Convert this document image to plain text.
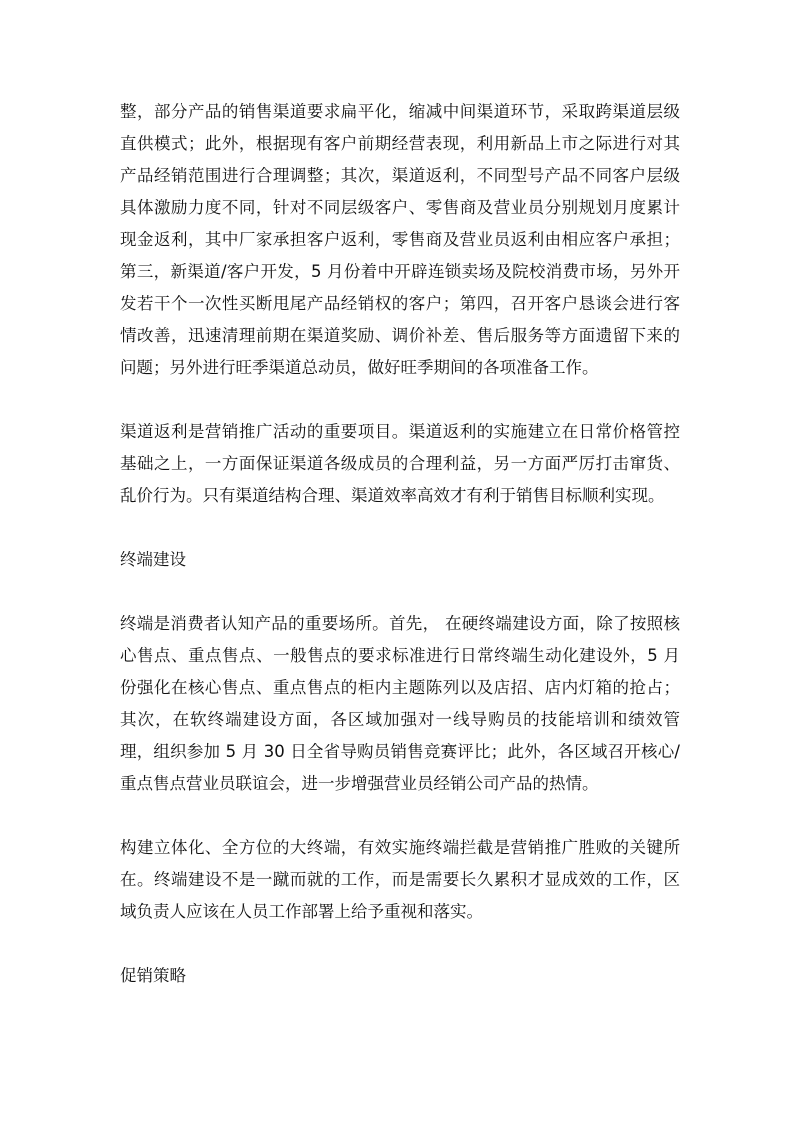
整，部分产品的销售渠道要求扁平化，缩减中间渠道环节，采取跨渠道层级直供模式；此外，根据现有客户前期经营表现，利用新品上市之际进行对其产品经销范围进行合理调整；其次，渠道返利，不同型号产品不同客户层级具体激励力度不同，针对不同层级客户、零售商及营业员分别规划月度累计现金返利，其中厂家承担客户返利，零售商及营业员返利由相应客户承担；第三，新渠道/客户开发，5 月份着中开辟连锁卖场及院校消费市场，另外开发若干个一次性买断甩尾产品经销权的客户；第四，召开客户恳谈会进行客情改善，迅速清理前期在渠道奖励、调价补差、售后服务等方面遗留下来的问题；另外进行旺季渠道总动员，做好旺季期间的各项准备工作。

渠道返利是营销推广活动的重要项目。渠道返利的实施建立在日常价格管控基础之上，一方面保证渠道各级成员的合理利益，另一方面严厉打击窜货、乱价行为。只有渠道结构合理、渠道效率高效才有利于销售目标顺利实现。

终端建设

终端是消费者认知产品的重要场所。首先， 在硬终端建设方面，除了按照核心售点、重点售点、一般售点的要求标准进行日常终端生动化建设外，5 月份强化在核心售点、重点售点的柜内主题陈列以及店招、店内灯箱的抢占；其次，在软终端建设方面，各区域加强对一线导购员的技能培训和绩效管理，组织参加 5 月 30 日全省导购员销售竞赛评比；此外，各区域召开核心/重点售点营业员联谊会，进一步增强营业员经销公司产品的热情。

构建立体化、全方位的大终端，有效实施终端拦截是营销推广胜败的关键所在。终端建设不是一蹴而就的工作，而是需要长久累积才显成效的工作，区域负责人应该在人员工作部署上给予重视和落实。

促销策略
